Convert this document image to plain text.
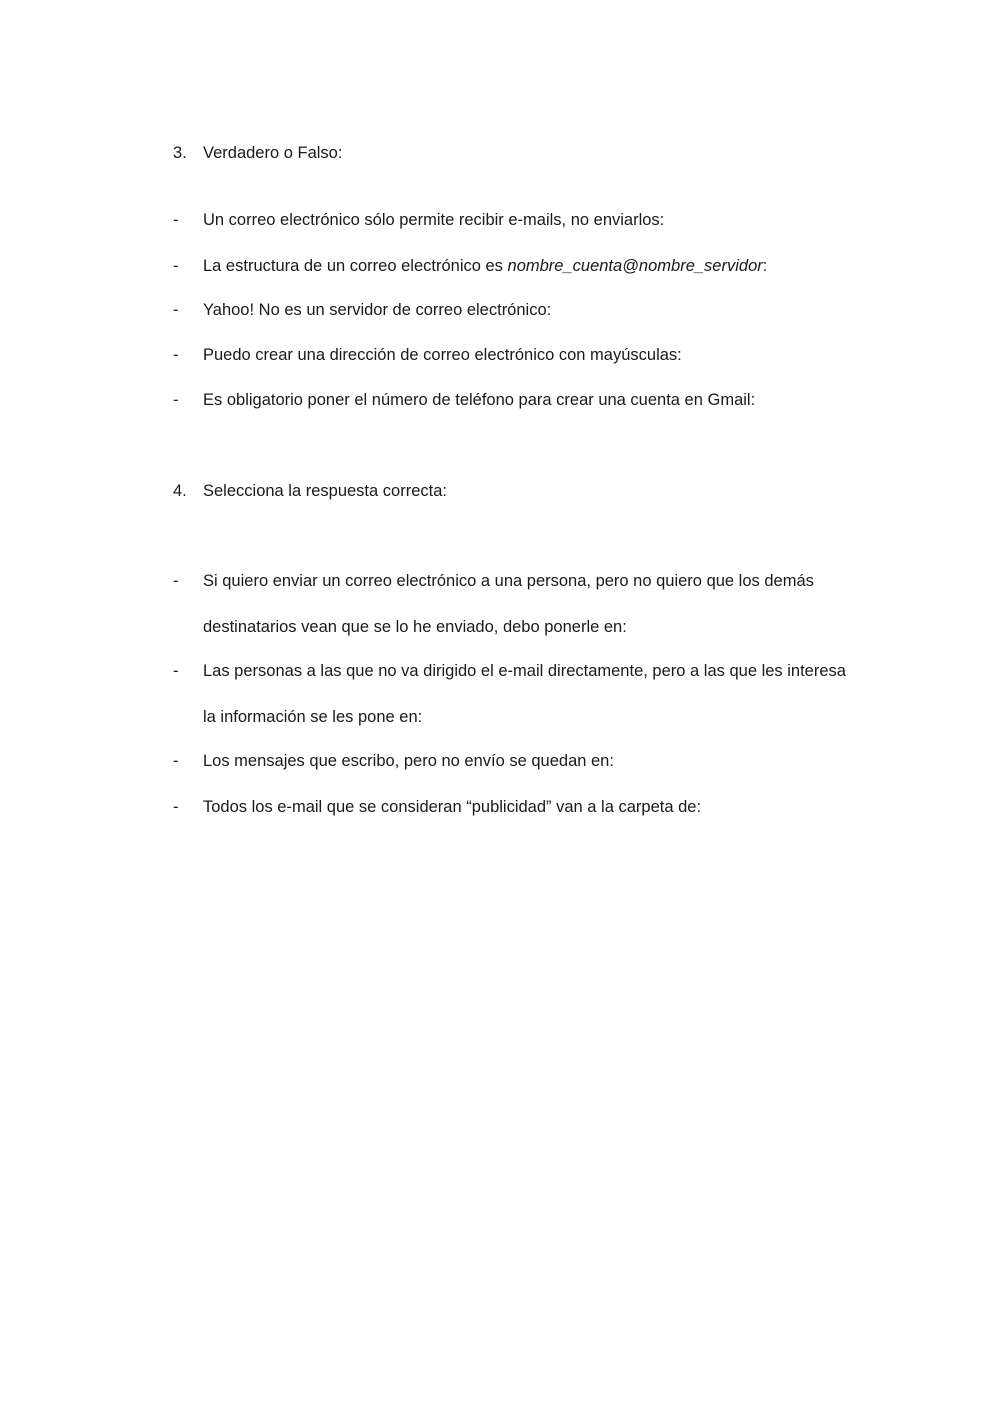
3. Verdadero o Falso:
-	Un correo electrónico sólo permite recibir e-mails, no enviarlos:
-	La estructura de un correo electrónico es nombre_cuenta@nombre_servidor:
-	Yahoo! No es un servidor de correo electrónico:
-	Puedo crear una dirección de correo electrónico con mayúsculas:
-	Es obligatorio poner el número de teléfono para crear una cuenta en Gmail:
4. Selecciona la respuesta correcta:
-	Si quiero enviar un correo electrónico a una persona, pero no quiero que los demás
destinatarios vean que se lo he enviado, debo ponerle en:
-	Las personas a las que no va dirigido el e-mail directamente, pero a las que les interesa
la información se les pone en:
-	Los mensajes que escribo, pero no envío se quedan en:
-	Todos los e-mail que se consideran “publicidad” van a la carpeta de:
